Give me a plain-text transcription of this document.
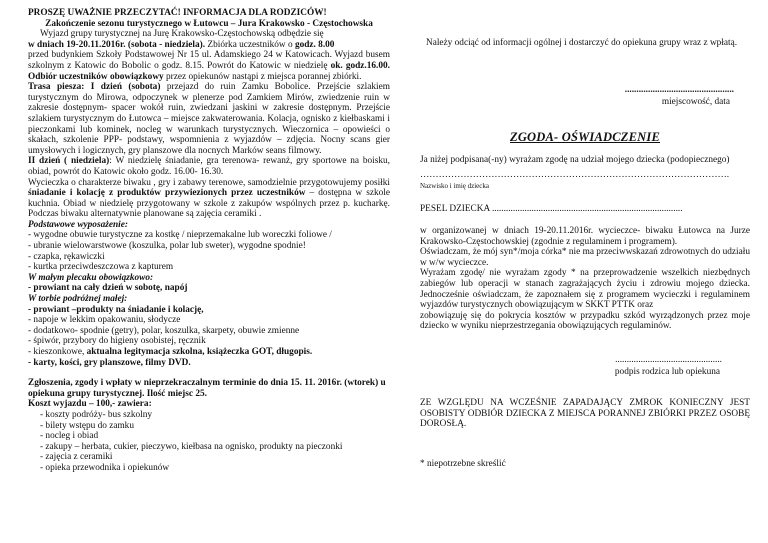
PROSZĘ UWAŻNIE PRZECZYTAĆ! INFORMACJA DLA RODZICÓW!

Zakończenie sezonu turystycznego w Łutowcu – Jura Krakowsko - Częstochowska

Wyjazd grupy turystycznej na Jurę Krakowsko-Częstochowską odbędzie się

w dniach 19-20.11.2016r. (sobota - niedziela). Zbiórka uczestników o godz. 8.00

przed budynkiem Szkoły Podstawowej Nr 15 ul. Adamskiego 24 w Katowicach. Wyjazd busem szkolnym z Katowic do Bobolic o godz. 8.15. Powrót do Katowic w niedzielę ok. godz.16.00. Odbiór uczestników obowiązkowy przez opiekunów nastąpi z miejsca porannej zbiórki.

Trasa piesza: I dzień (sobota) przejazd do ruin Zamku Bobolice. Przejście szlakiem turystycznym do Mirowa, odpoczynek w plenerze pod Zamkiem Mirów, zwiedzenie ruin w zakresie dostępnym- spacer wokół ruin, zwiedzani jaskini w zakresie dostępnym. Przejście szlakiem turystycznym do Łutowca – miejsce zakwaterowania. Kolacja, ognisko z kiełbaskami i pieczonkami lub kominek, nocleg w warunkach turystycznych. Wieczornica – opowieści o skałach, szkolenie PPP- podstawy, wspomnienia z wyjazdów – zdjęcia. Nocny scans gier umysłowych i logicznych, gry planszowe dla nocnych Marków seans filmowy.

II dzień ( niedziela): W niedzielę śniadanie, gra terenowa- rewanż, gry sportowe na boisku, obiad, powrót do Katowic około godz. 16.00- 16.30.

Wycieczka o charakterze biwaku , gry i zabawy terenowe, samodzielnie przygotowujemy posiłki śniadanie i kolację z produktów przywiezionych przez uczestników – dostępna w szkole kuchnia. Obiad w niedzielę przygotowany w szkole z zakupów wspólnych przez p. kucharkę. Podczas biwaku alternatywnie planowane są zajęcia ceramiki .

Podstawowe wyposażenie:

- wygodne obuwie turystyczne za kostkę / nieprzemakalne lub woreczki foliowe /

- ubranie wielowarstwowe (koszulka, polar lub sweter), wygodne spodnie!

- czapka, rękawiczki

- kurtka przeciwdeszczowa z kapturem

W małym plecaku obowiązkowo:

- prowiant na cały dzień w sobotę, napój

W torbie podróżnej małej:

- prowiant –produkty na śniadanie i kolację,

- napoje w lekkim opakowaniu, słodycze

- dodatkowo- spodnie (getry), polar, koszulka, skarpety, obuwie zmienne

- śpiwór, przybory do higieny osobistej, ręcznik

- kieszonkowe, aktualna legitymacja szkolna, książeczka GOT, długopis.

- karty, kości, gry planszowe, filmy DVD.

Zgłoszenia, zgody i wpłaty w nieprzekraczalnym terminie do dnia 15. 11. 2016r. (wtorek) u opiekuna grupy turystycznej. Ilość miejsc 25.

Koszt wyjazdu – 100,- zawiera:

- koszty podróży- bus szkolny

- bilety wstępu do zamku

- nocleg i obiad

- zakupy – herbata, cukier, pieczywo, kiełbasa na ognisko, produkty na pieczonki

- zajęcia z ceramiki

- opieka przewodnika i opiekunów

Należy odciąć od informacji ogólnej i dostarczyć do opiekuna grupy wraz z wpłatą.

...............................................

miejscowość, data

ZGODA- OŚWIADCZENIE

Ja niżej podpisana(-ny) wyrażam zgodę na udział mojego dziecka (podopiecznego)

……………………………………………………………………………………….

Nazwisko i imię dziecka

PESEL DZIECKA ..................................................................................

w organizowanej w dniach 19-20.11.2016r. wycieczce- biwaku Łutowca na Jurze Krakowsko-Częstochowskiej (zgodnie z regulaminem i programem).

Oświadczam, że mój syn*/moja córka* nie ma przeciwwskazań zdrowotnych do udziału w w/w wycieczce.

Wyrażam zgodę/ nie wyrażam zgody * na przeprowadzenie wszelkich niezbędnych zabiegów lub operacji w stanach zagrażających życiu i zdrowiu mojego dziecka. Jednocześnie oświadczam, że zapoznałem się z programem wycieczki i regulaminem wyjazdów turystycznych obowiązującym w SKKT PTTK oraz

zobowiązuję się do pokrycia kosztów w przypadku szkód wyrządzonych przez moje dziecko w wyniku nieprzestrzegania obowiązujących regulaminów.

..............................................

podpis rodzica lub opiekuna

ZE WZGLĘDU NA WCZEŚNIE ZAPADAJĄCY ZMROK KONIECZNY JEST OSOBISTY ODBIÓR DZIECKA Z MIEJSCA PORANNEJ ZBIÓRKI PRZEZ OSOBĘ DOROSŁĄ.

* niepotrzebne skreślić
